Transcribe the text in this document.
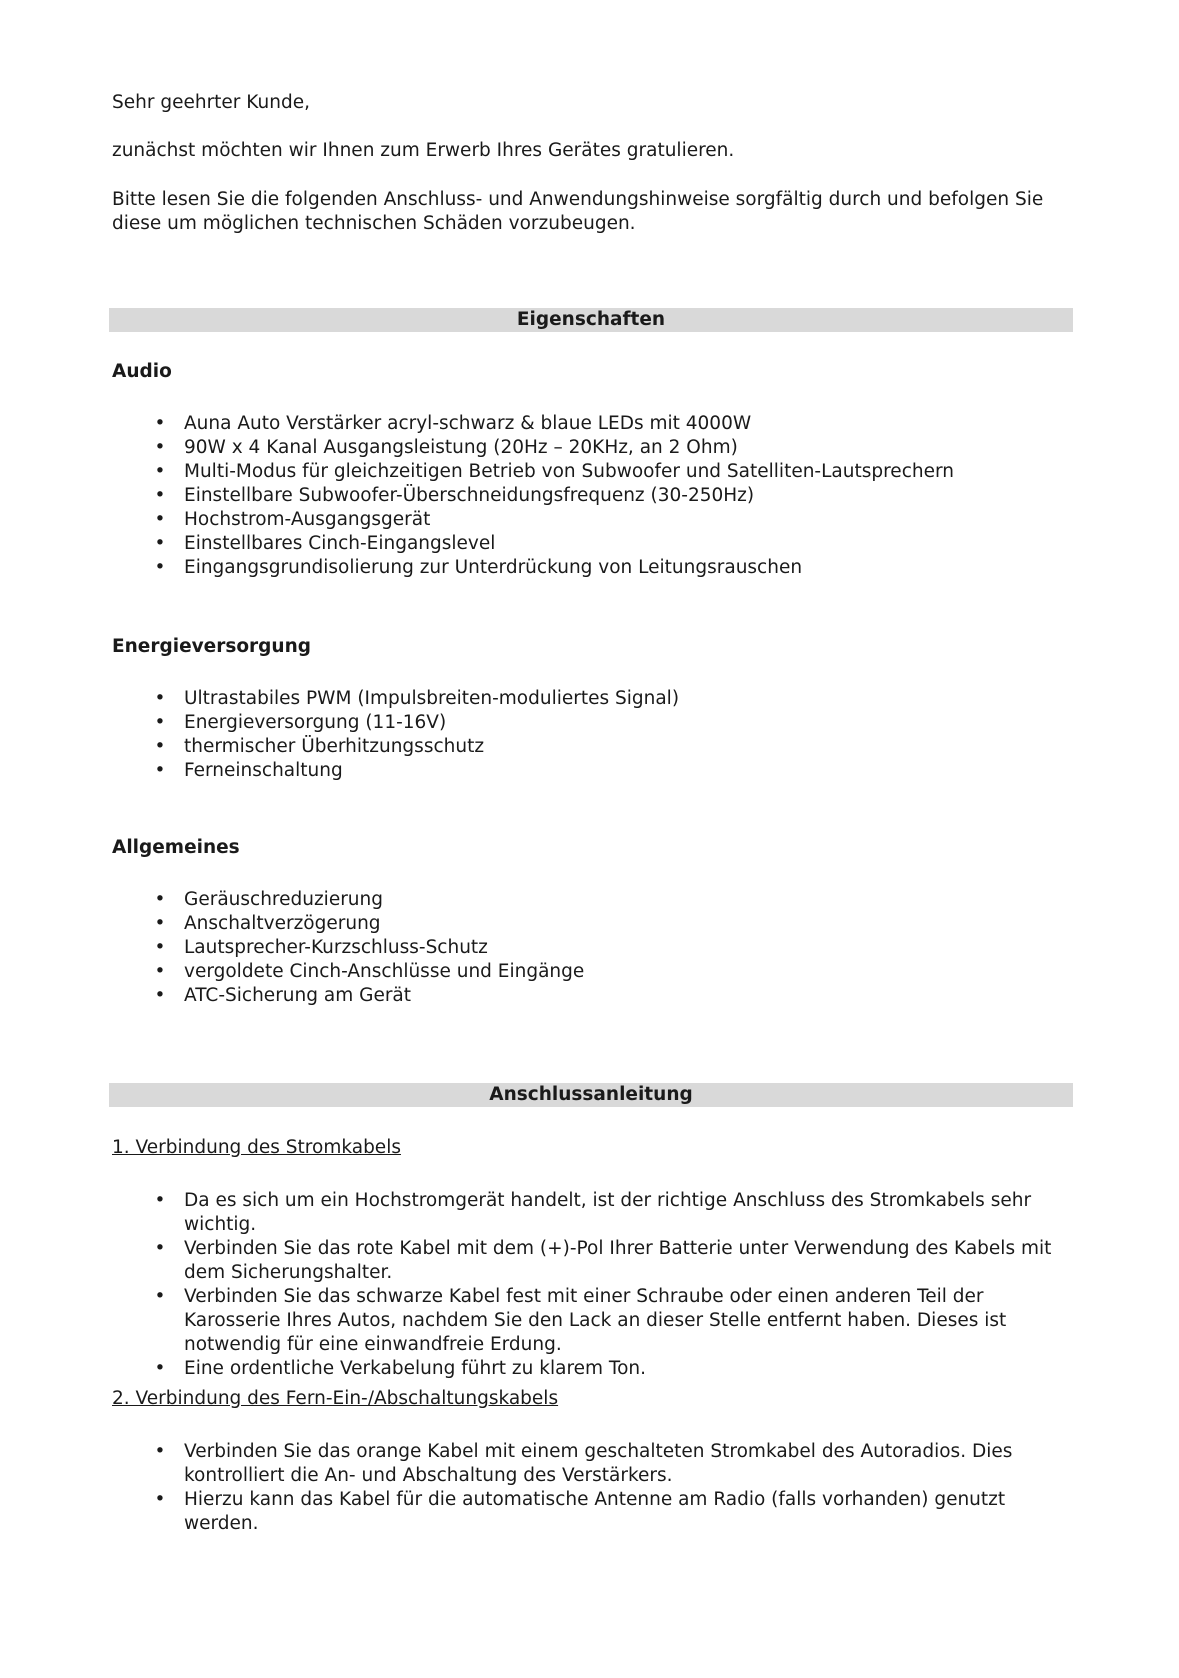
Sehr geehrter Kunde,

zunächst möchten wir Ihnen zum Erwerb Ihres Gerätes gratulieren.

Bitte lesen Sie die folgenden Anschluss- und Anwendungshinweise sorgfältig durch und befolgen Sie diese um möglichen technischen Schäden vorzubeugen.

Eigenschaften
Audio
• Auna Auto Verstärker acryl-schwarz & blaue LEDs mit 4000W
• 90W x 4 Kanal Ausgangsleistung (20Hz – 20KHz, an 2 Ohm)
• Multi-Modus für gleichzeitigen Betrieb von Subwoofer und Satelliten-Lautsprechern
• Einstellbare Subwoofer-Überschneidungsfrequenz (30-250Hz)
• Hochstrom-Ausgangsgerät
• Einstellbares Cinch-Eingangslevel
• Eingangsgrundisolierung zur Unterdrückung von Leitungsrauschen
Energieversorgung
• Ultrastabiles PWM (Impulsbreiten-moduliertes Signal)
• Energieversorgung (11-16V)
• thermischer Überhitzungsschutz
• Ferneinschaltung
Allgemeines
• Geräuschreduzierung
• Anschaltverzögerung
• Lautsprecher-Kurzschluss-Schutz
• vergoldete Cinch-Anschlüsse und Eingänge
• ATC-Sicherung am Gerät
Anschlussanleitung
1. Verbindung des Stromkabels
• Da es sich um ein Hochstromgerät handelt, ist der richtige Anschluss des Stromkabels sehr wichtig.
• Verbinden Sie das rote Kabel mit dem (+)-Pol Ihrer Batterie unter Verwendung des Kabels mit dem Sicherungshalter.
• Verbinden Sie das schwarze Kabel fest mit einer Schraube oder einen anderen Teil der Karosserie Ihres Autos, nachdem Sie den Lack an dieser Stelle entfernt haben. Dieses ist notwendig für eine einwandfreie Erdung.
• Eine ordentliche Verkabelung führt zu klarem Ton.
2. Verbindung des Fern-Ein-/Abschaltungskabels
• Verbinden Sie das orange Kabel mit einem geschalteten Stromkabel des Autoradios. Dies kontrolliert die An- und Abschaltung des Verstärkers.
• Hierzu kann das Kabel für die automatische Antenne am Radio (falls vorhanden) genutzt werden.
